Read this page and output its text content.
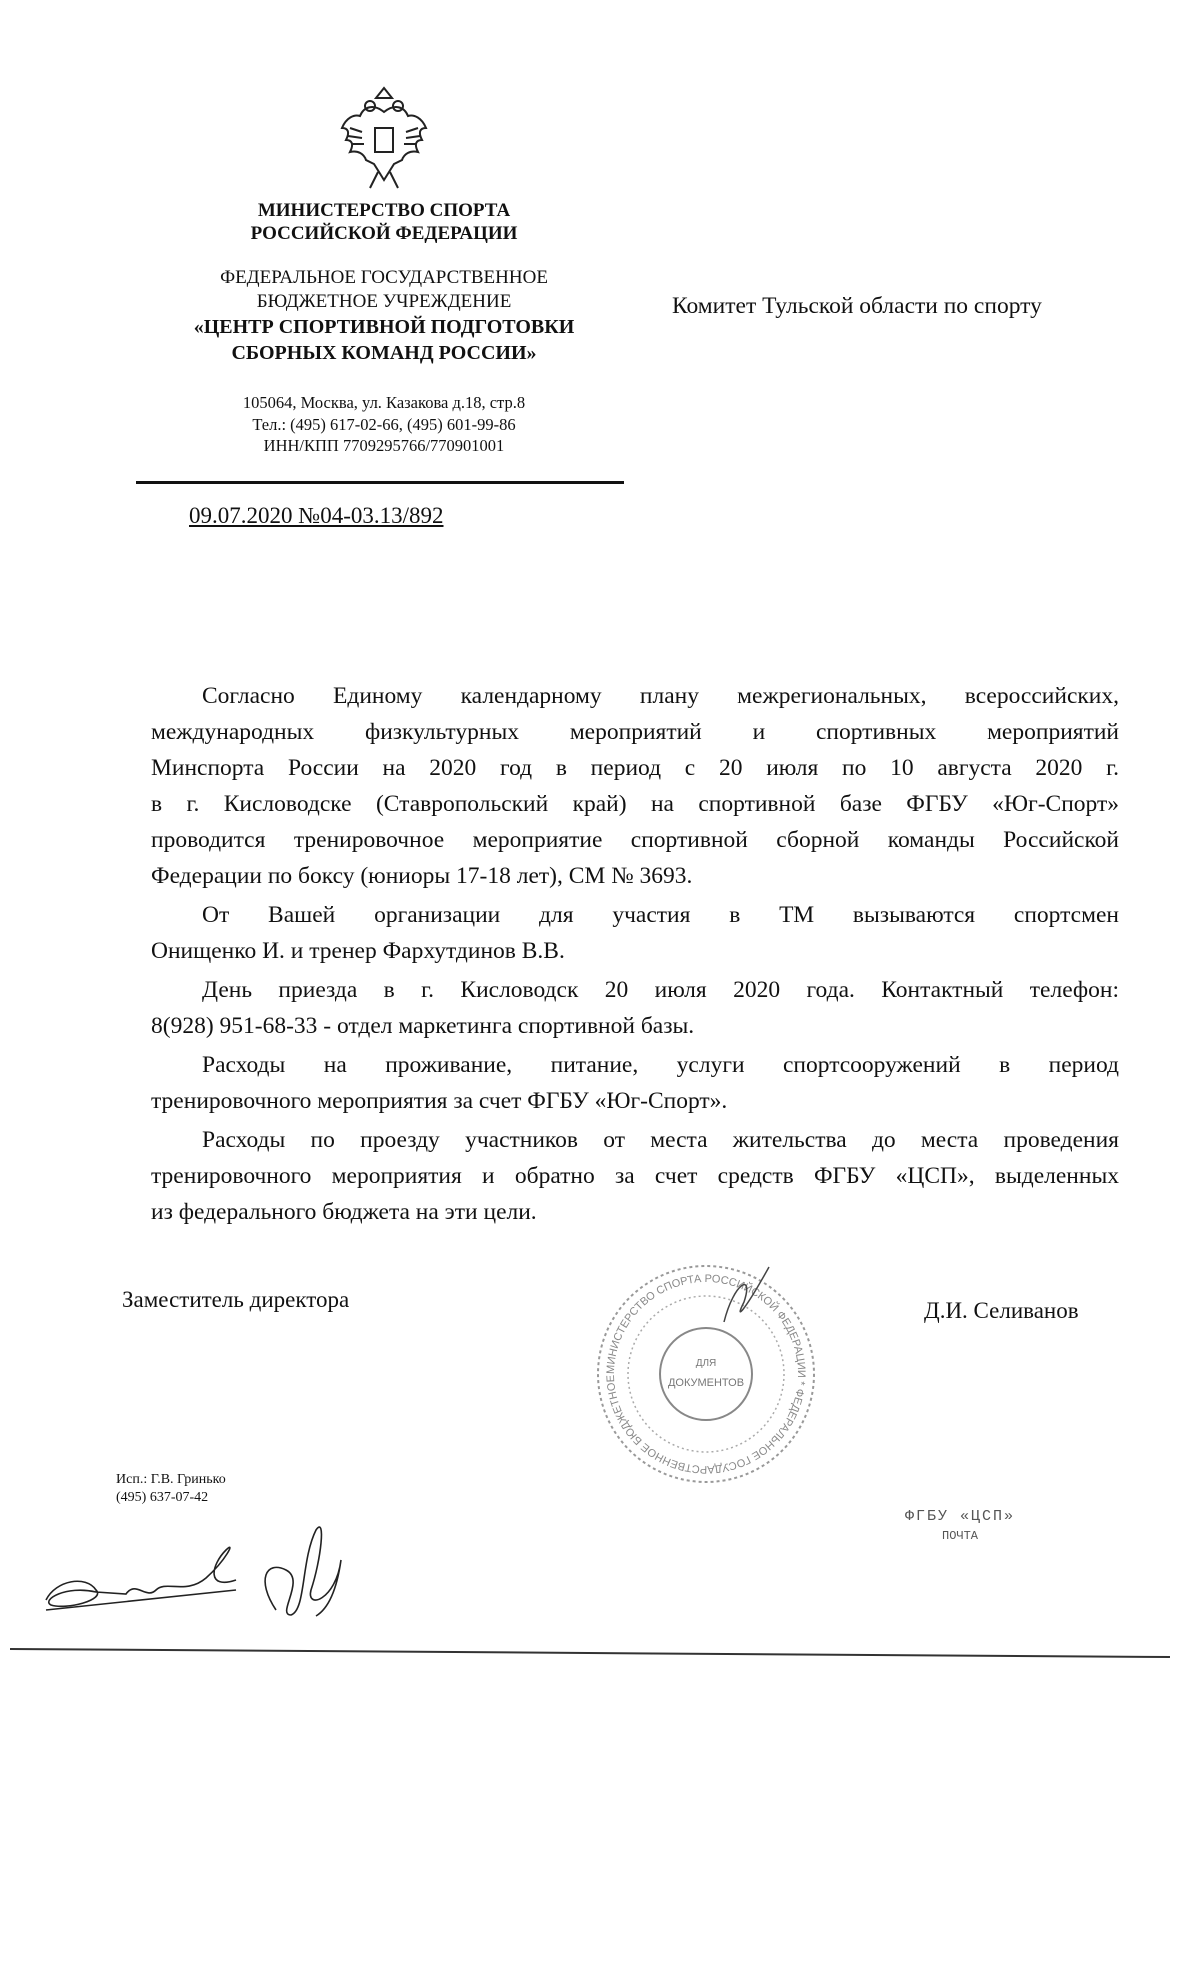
МИНИСТЕРСТВО СПОРТА
РОССИЙСКОЙ ФЕДЕРАЦИИ
ФЕДЕРАЛЬНОЕ ГОСУДАРСТВЕННОЕ
БЮДЖЕТНОЕ УЧРЕЖДЕНИЕ
«ЦЕНТР СПОРТИВНОЙ ПОДГОТОВКИ
СБОРНЫХ КОМАНД РОССИИ»
105064, Москва, ул. Казакова д.18, стр.8
Тел.: (495) 617-02-66, (495) 601-99-86
ИНН/КПП 7709295766/770901001
09.07.2020 №04-03.13/892
Комитет Тульской области по спорту
Согласно Единому календарному плану межрегиональных, всероссийских,
международных физкультурных мероприятий и спортивных мероприятий
Минспорта России на 2020 год в период с 20 июля по 10 августа 2020 г.
в г. Кисловодске (Ставропольский край) на спортивной базе ФГБУ «Юг-Спорт»
проводится тренировочное мероприятие спортивной сборной команды Российской
Федерации по боксу (юниоры 17-18 лет), СМ № 3693.
От Вашей организации для участия в ТМ вызываются спортсмен
Онищенко И. и тренер Фархутдинов В.В.
День приезда в г. Кисловодск 20 июля 2020 года. Контактный телефон:
8(928) 951-68-33 - отдел маркетинга спортивной базы.
Расходы на проживание, питание, услуги спортсооружений в период
тренировочного мероприятия за счет ФГБУ «Юг-Спорт».
Расходы по проезду участников от места жительства до места проведения
тренировочного мероприятия и обратно за счет средств ФГБУ «ЦСП», выделенных
из федерального бюджета на эти цели.
Заместитель директора	Д.И. Селиванов
МИНИСТЕРСТВО СПОРТА РОССИЙСКОЙ ФЕДЕРАЦИИ * ФЕДЕРАЛЬНОЕ ГОСУДАРСТВЕННОЕ БЮДЖЕТНОЕ
ДЛЯ
ДОКУМЕНТОВ
Исп.: Г.В. Гринько
(495) 637-07-42
ФГБУ «ЦСП»
ПОЧТА
